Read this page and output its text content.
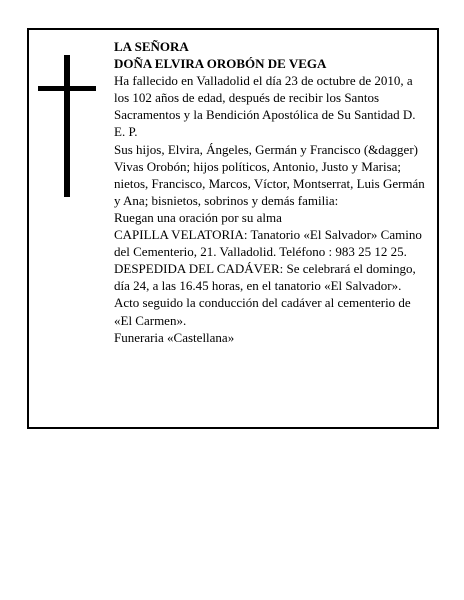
LA SEÑORA

DOÑA ELVIRA OROBÓN DE VEGA

Ha fallecido en Valladolid el día 23 de octubre de 2010, a los 102 años de edad, después de recibir los Santos Sacramentos y la Bendición Apostólica de Su Santidad D. E. P.

Sus hijos, Elvira, Ángeles, Germán y Francisco (&dagger) Vivas Orobón; hijos políticos, Antonio, Justo y Marisa; nietos, Francisco, Marcos, Víctor, Montserrat, Luis Germán y Ana; bisnietos, sobrinos y demás familia:

Ruegan una oración por su alma

CAPILLA VELATORIA: Tanatorio «El Salvador» Camino del Cementerio, 21. Valladolid. Teléfono : 983 25 12 25.

DESPEDIDA DEL CADÁVER: Se celebrará el domingo, día 24, a las 16.45 horas, en el tanatorio «El Salvador». Acto seguido la conducción del cadáver al cementerio de «El Carmen».

Funeraria «Castellana»
